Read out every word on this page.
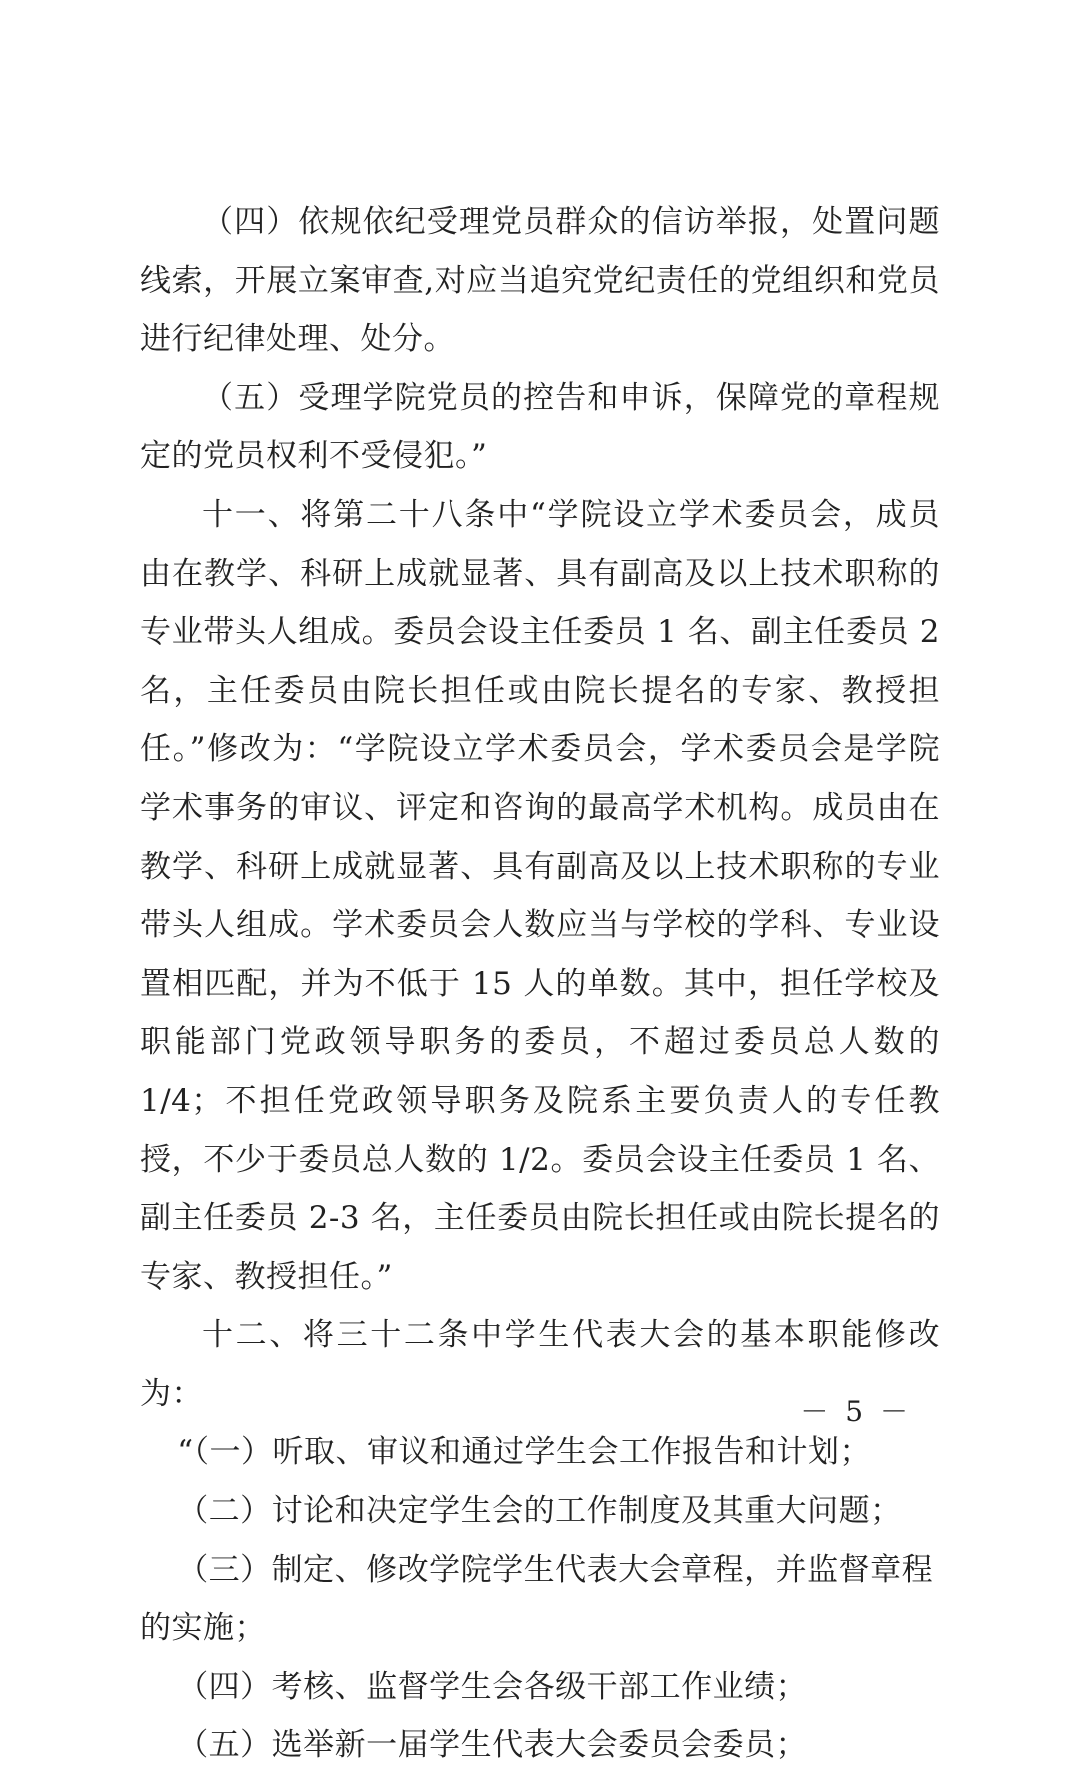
（四）依规依纪受理党员群众的信访举报，处置问题线索，开展立案审查,对应当追究党纪责任的党组织和党员进行纪律处理、处分。

（五）受理学院党员的控告和申诉，保障党的章程规定的党员权利不受侵犯。”

十一、将第二十八条中“学院设立学术委员会，成员由在教学、科研上成就显著、具有副高及以上技术职称的专业带头人组成。委员会设主任委员 1 名、副主任委员 2 名，主任委员由院长担任或由院长提名的专家、教授担任。”修改为：“学院设立学术委员会，学术委员会是学院学术事务的审议、评定和咨询的最高学术机构。成员由在教学、科研上成就显著、具有副高及以上技术职称的专业带头人组成。学术委员会人数应当与学校的学科、专业设置相匹配，并为不低于 15 人的单数。其中，担任学校及职能部门党政领导职务的委员，不超过委员总人数的 1/4；不担任党政领导职务及院系主要负责人的专任教授，不少于委员总人数的 1/2。委员会设主任委员 1 名、副主任委员 2-3 名，主任委员由院长担任或由院长提名的专家、教授担任。”

十二、将三十二条中学生代表大会的基本职能修改为：

“（一）听取、审议和通过学生会工作报告和计划；

（二）讨论和决定学生会的工作制度及其重大问题；

（三）制定、修改学院学生代表大会章程，并监督章程的实施；

（四）考核、监督学生会各级干部工作业绩；

（五）选举新一届学生代表大会委员会委员；

－ 5 －
